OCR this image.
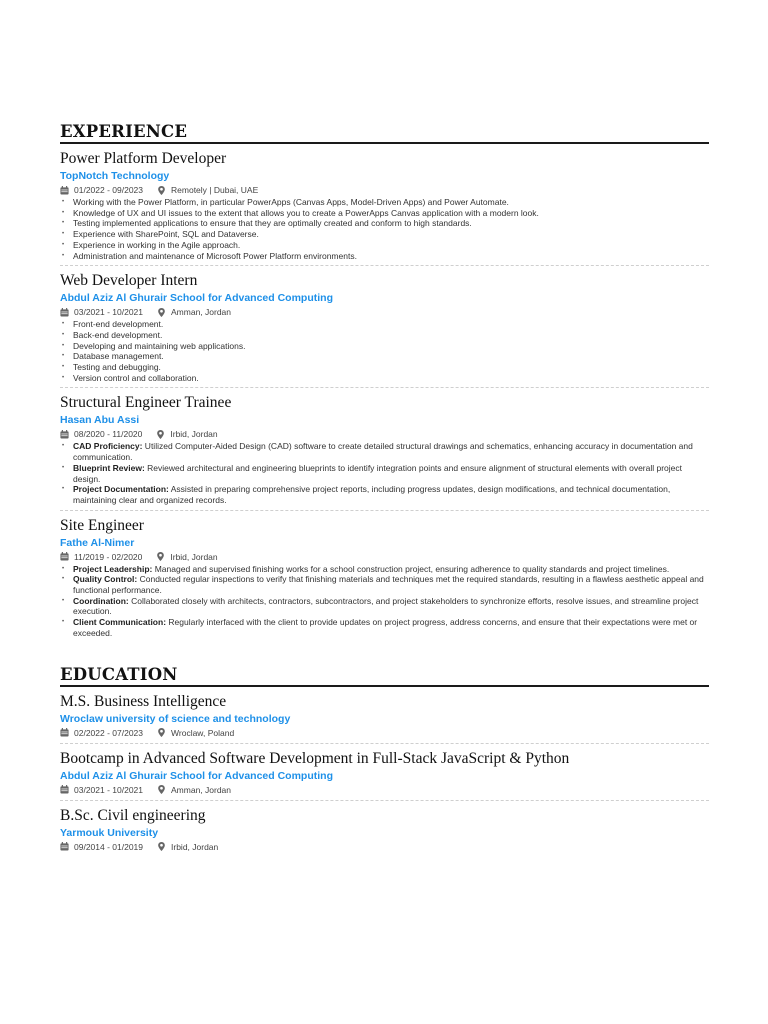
EXPERIENCE
Power Platform Developer
TopNotch Technology
01/2022 - 09/2023	Remotely | Dubai, UAE
• Working with the Power Platform, in particular PowerApps (Canvas Apps, Model-Driven Apps) and Power Automate.
• Knowledge of UX and UI issues to the extent that allows you to create a PowerApps Canvas application with a modern look.
• Testing implemented applications to ensure that they are optimally created and conform to high standards.
• Experience with SharePoint, SQL and Dataverse.
• Experience in working in the Agile approach.
• Administration and maintenance of Microsoft Power Platform environments.
Web Developer Intern
Abdul Aziz Al Ghurair School for Advanced Computing
03/2021 - 10/2021	Amman, Jordan
• Front-end development.
• Back-end development.
• Developing and maintaining web applications.
• Database management.
• Testing and debugging.
• Version control and collaboration.
Structural Engineer Trainee
Hasan Abu Assi
08/2020 - 11/2020	Irbid, Jordan
• CAD Proficiency: Utilized Computer-Aided Design (CAD) software to create detailed structural drawings and schematics, enhancing accuracy in documentation and communication.
• Blueprint Review: Reviewed architectural and engineering blueprints to identify integration points and ensure alignment of structural elements with overall project design.
• Project Documentation: Assisted in preparing comprehensive project reports, including progress updates, design modifications, and technical documentation, maintaining clear and organized records.
Site Engineer
Fathe Al-Nimer
11/2019 - 02/2020	Irbid, Jordan
• Project Leadership: Managed and supervised finishing works for a school construction project, ensuring adherence to quality standards and project timelines.
• Quality Control: Conducted regular inspections to verify that finishing materials and techniques met the required standards, resulting in a flawless aesthetic appeal and functional performance.
• Coordination: Collaborated closely with architects, contractors, subcontractors, and project stakeholders to synchronize efforts, resolve issues, and streamline project execution.
• Client Communication: Regularly interfaced with the client to provide updates on project progress, address concerns, and ensure that their expectations were met or exceeded.
EDUCATION
M.S. Business Intelligence
Wroclaw university of science and technology
02/2022 - 07/2023	Wroclaw, Poland
Bootcamp in Advanced Software Development in Full-Stack JavaScript & Python
Abdul Aziz Al Ghurair School for Advanced Computing
03/2021 - 10/2021	Amman, Jordan
B.Sc. Civil engineering
Yarmouk University
09/2014 - 01/2019	Irbid, Jordan
